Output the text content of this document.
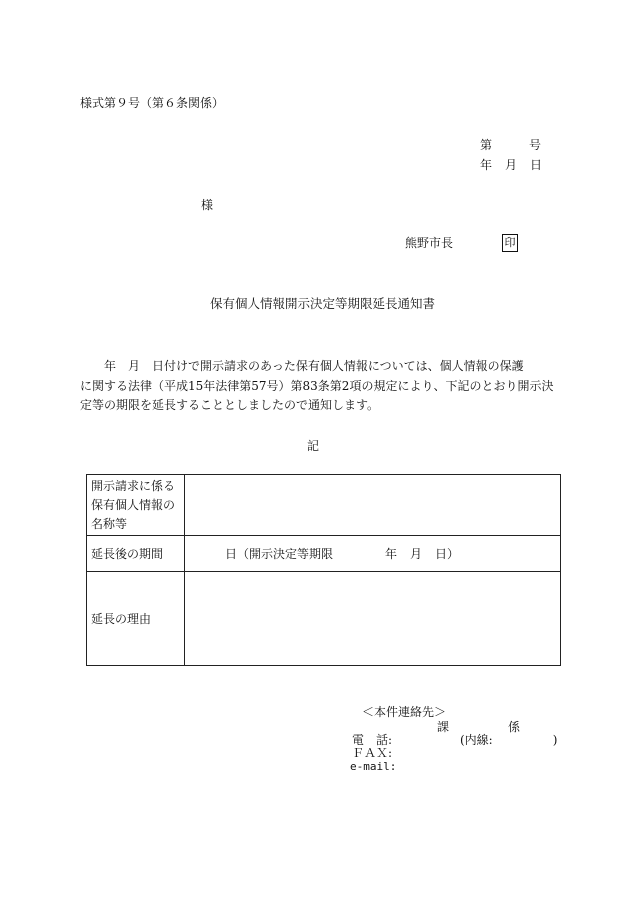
様式第９号（第６条関係）
第	号
年 月 日
様
熊野市長	印
保有個人情報開示決定等期限延長通知書
　　年　月　日付けで開示請求のあった保有個人情報については、個人情報の保護
に関する法律（平成15年法律第57号）第83条第2項の規定により、下記のとおり開示決
定等の期限を延長することとしましたので通知します。
記
開示請求に係る
保有個人情報の
名称等	

延長後の期間	日（開示決定等期限 年 月 日）
延長の理由	
＜本件連絡先＞
課	係
電　話:	(内線:　　　　　)
ＦＡＸ:
e-mail:
